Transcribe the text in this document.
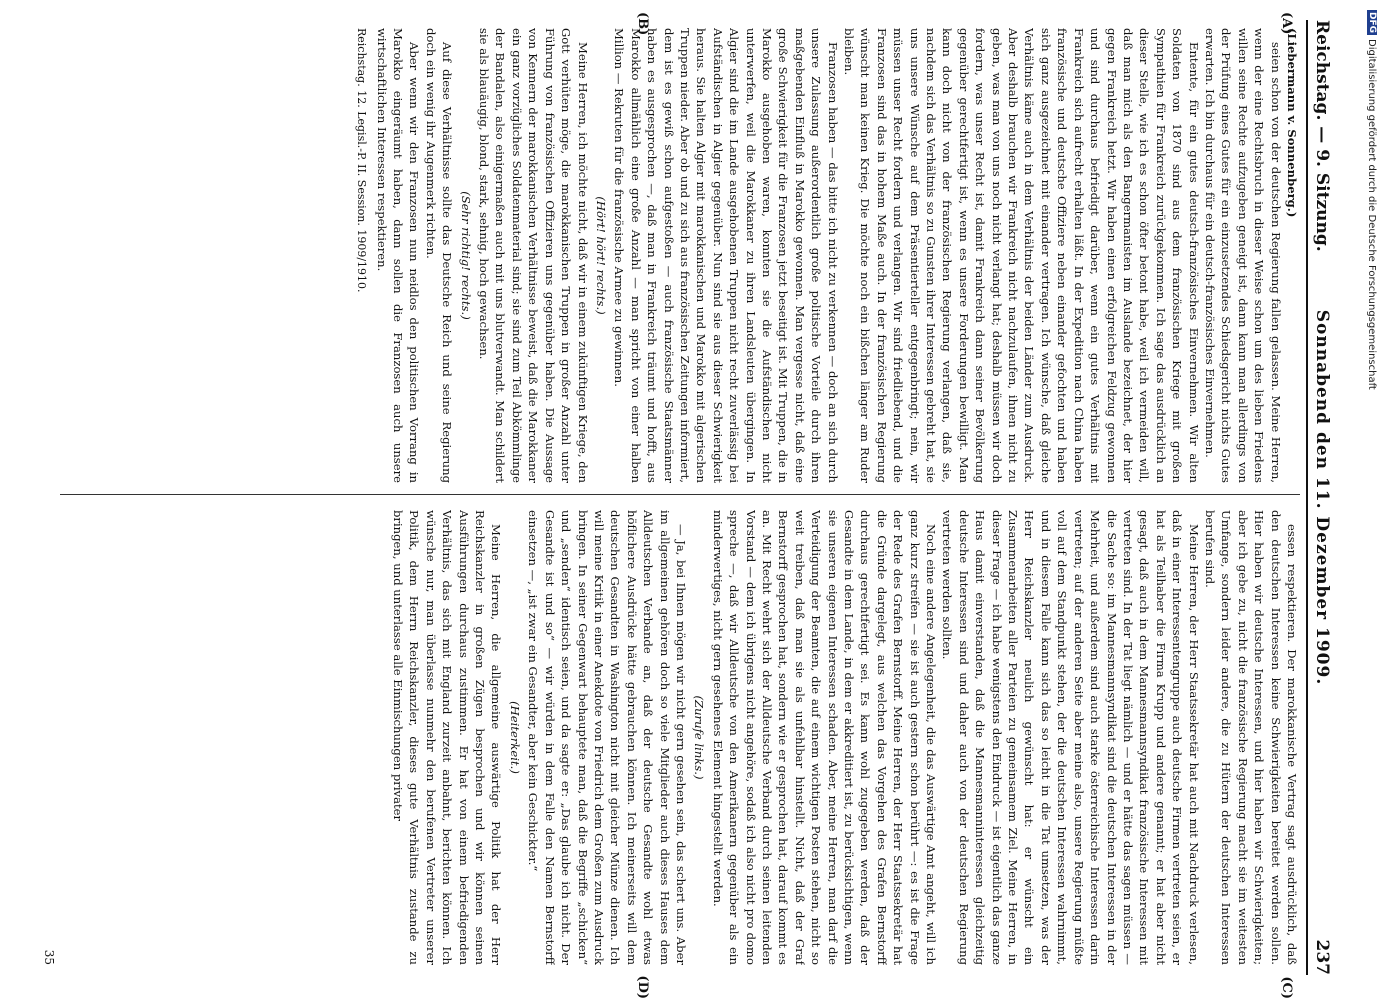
Reichstag. — 9. Sitzung.
Sonnabend den 11. Dezember 1909.
237
(A)
(B)
(C)
(D)

(Liebermann v. Sonnenberg.)

seien schon von der deutschen Regierung fallen gelassen. Meine Herren, wenn der eine Rechtsbruch in dieser Weise schon um des lieben Friedens willen seine Rechte aufzugeben geneigt ist, dann kann man allerdings von der Prüfung eines Gutes für ein einzusetzendes Schiedsgericht nichts Gutes erwarten. Ich bin durchaus für ein deutsch-französisches Einvernehmen.

Entente, für ein gutes deutsch-französisches Einvernehmen. Wir alten Soldaten von 1870 sind aus dem französischen Kriege mit großen Sympathien für Frankreich zurückgekommen. Ich sage das ausdrücklich an dieser Stelle, wie ich es schon öfter betont habe, weil ich vermeiden will, daß man mich als den Bangermanisten im Auslande bezeichnet, der hier gegen Frankreich hetzt. Wir haben einen erfolgreichen Feldzug gewonnen und sind durchaus befriedigt darüber, wenn ein gutes Verhältnis mit Frankreich sich aufrecht erhalten läßt. In der Expedition nach China haben französische und deutsche Offiziere neben einander gefochten und haben sich ganz ausgezeichnet mit einander vertragen. Ich wünsche, daß gleiche Verhältnis käme auch in dem Verhältnis der beiden Länder zum Ausdruck. Aber deshalb brauchen wir Frankreich nicht nachzulaufen, ihnen nicht zu geben, was man von uns noch nicht verlangt hat; deshalb müssen wir doch fordern, was unser Recht ist, damit Frankreich dann seiner Bevölkerung gegenüber gerechtfertigt ist, wenn es unsere Forderungen bewilligt. Man kann doch nicht von der französischen Regierung verlangen, daß sie, nachdem sich das Verhältnis so zu Gunsten ihrer Interessen gebreht hat, sie uns unsere Wünsche auf dem Präsentierteller entgegenbringt; nein, wir müssen unser Recht fordern und verlangen. Wir sind friedliebend, und die Franzosen sind das in hohem Maße auch. In der französischen Regierung wünscht man keinen Krieg. Die möchte noch ein bißchen länger am Ruder bleiben.

Franzosen haben — das bitte ich nicht zu verkennen — doch an sich durch unsere Zulassung außerordentlich große politische Vorteile durch ihren maßgebenden Einfluß in Marokko gewonnen. Man vergesse nicht, daß eine große Schwierigkeit für die Franzosen jetzt beseitigt ist. Mit Truppen, die in Marokko ausgehoben waren, konnten sie die Aufständischen nicht unterwerfen, weil die Marokkaner zu ihren Landsleuten übergingen. In Algier sind die im Lande ausgehobenen Truppen nicht recht zuverlässig bei Aufständischen in Algier gegenüber. Nun sind sie aus dieser Schwierigkeit heraus. Sie halten Algier mit marokkanischen und Marokko mit algerischen Truppen nieder. Aber ob und zu sich aus französischen Zeitungen informiert, dem ist es gewiß schon aufgestoßen — auch französische Staatsmänner haben es ausgesprochen —, daß man in Frankreich träumt und hofft, aus Marokko allmählich eine große Anzahl — man spricht von einer halben Million — Rekruten für die französische Armee zu gewinnen.

(Hört! hört! rechts.)

Meine Herren, ich möchte nicht, daß wir in einem zukünftigen Kriege, den Gott verhüten möge, die marokkanischen Truppen in großer Anzahl unter Führung von französischen Offizieren uns gegenüber haben. Die Aussage von Kennern der marokkanischen Verhältnisse beweist, daß die Marokkaner ein ganz vorzügliches Soldatenmaterial sind; sie sind zum Teil Abkömmlinge der Bandalen, also einigermaßen auch mit uns blutverwandt. Man schildert sie als blauäugig, blond, stark, sehnig, hoch gewachsen.

(Sehr richtig! rechts.)

Auf diese Verhältnisse sollte das Deutsche Reich und seine Regierung doch ein wenig ihr Augenmerk richten.

Aber wenn wir den Franzosen nun neidlos den politischen Vorrang in Marokko eingeräumt haben, dann sollen die Franzosen auch unsere wirtschaftlichen Interessen respektieren.

Reichstag. 12. Legisl.-P. II. Session. 1909/1910.

essen respektieren. Der marokkanische Vertrag sagt ausdrücklich, daß den deutschen Interessen keine Schwierigkeiten bereitet werden sollen. Hier haben wir deutsche Interessen, und hier haben wir Schwierigkeiten; aber ich gebe zu, nicht die französische Regierung macht sie im weitesten Umfange, sondern leider andere, die zu Hütern der deutschen Interessen berufen sind.

Meine Herren, der Herr Staatssekretär hat auch mit Nachdruck verlesen, daß in einer Interessentengruppe auch deutsche Firmen vertreten seien, er hat als Teilhaber die Firma Krupp und andere genannt; er hat aber nicht gesagt, daß auch in dem Mannesmannsyndikat französische Interessen mit vertreten sind. In der Tat liegt nämlich — und er hätte das sagen müssen — die Sache so: im Mannesmannsyndikat sind die deutschen Interessen in der Mehrheit, und außerdem sind auch starke österreichische Interessen darin vertreten; auf der anderen Seite aber meine also, unsere Regierung müßte voll auf dem Standpunkt stehen, der die deutschen Interessen wahrnimmt, und in diesem Falle kann sich das so leicht in die Tat umsetzen, was der Herr Reichskanzler neulich gewünscht hat: er wünscht ein Zusammenarbeiten aller Parteien zu gemeinsamem Ziel. Meine Herren, in dieser Frage — ich habe wenigstens den Eindruck — ist eigentlich das ganze Haus damit einverstanden, daß die Mannesmanninteressen gleichzeitig deutsche Interessen sind und daher auch von der deutschen Regierung vertreten werden sollten.

Noch eine andere Angelegenheit, die das Auswärtige Amt angeht, will ich ganz kurz streifen — sie ist auch gestern schon berührt —: es ist die Frage der Rede des Grafen Bernstorff. Meine Herren, der Herr Staatssekretär hat die Gründe dargelegt, aus welchen das Vorgehen des Grafen Bernstorff durchaus gerechtfertigt sei. Es kann wohl zugegeben werden, daß der Gesandte in dem Lande, in dem er akkreditiert ist, zu berücksichtigen, wenn sie unseren eigenen Interessen schaden. Aber, meine Herren, man darf die Verteidigung der Beamten, die auf einem wichtigen Posten stehen, nicht so weit treiben, daß man sie als unfehlbar hinstellt. Nicht, daß der Graf Bernstorff gesprochen hat, sondern wie er gesprochen hat, darauf kommt es an. Mit Recht wehrt sich der Alldeutsche Verband durch seinen leitenden Vorstand — dem ich übrigens nicht angehöre, sodaß ich also nicht pro domo spreche —, daß wir Alldeutsche von den Amerikanern gegenüber als ein minderwertiges, nicht gern gesehenes Element hingestellt werden.

(Zurufe links.)

— Ja, bei Ihnen mögen wir nicht gern gesehen sein, das schert uns. Aber im allgemeinen gehören doch so viele Mitglieder auch dieses Hauses dem Alldeutschen Verbande an, daß der deutsche Gesandte wohl etwas höflichere Ausdrücke hätte gebrauchen können. Ich meinerseits will dem deutschen Gesandten in Washington nicht mit gleicher Münze dienen. Ich will meine Kritik in einer Anekdote von Friedrich dem Großen zum Ausdruck bringen. In seiner Gegenwart behauptete man, daß die Begriffe „schicken“ und „senden“ identisch seien, und da sagte er: „Das glaube ich nicht. Der Gesandte ist und so“ — wir würden in dem Falle den Namen Bernstorff einsetzen —, „ist zwar ein Gesandter, aber kein Geschickter.“

(Heiterkeit.)

Meine Herren, die allgemeine auswärtige Politik hat der Herr Reichskanzler in großen Zügen besprochen und wir können seinen Ausführungen durchaus zustimmen. Er hat von einem befriedigenden Verhältnis, das sich mit England zurzeit anbahnt, berichten können. Ich wünsche nur, man überlasse nunmehr den berufenen Vertreter unserer Politik, dem Herrn Reichskanzler, dieses gute Verhältnis zustande zu bringen, und unterlasse alle Einmischungen privater

35
DFG
Digitalisierung gefördert durch die Deutsche Forschungsgemeinschaft
